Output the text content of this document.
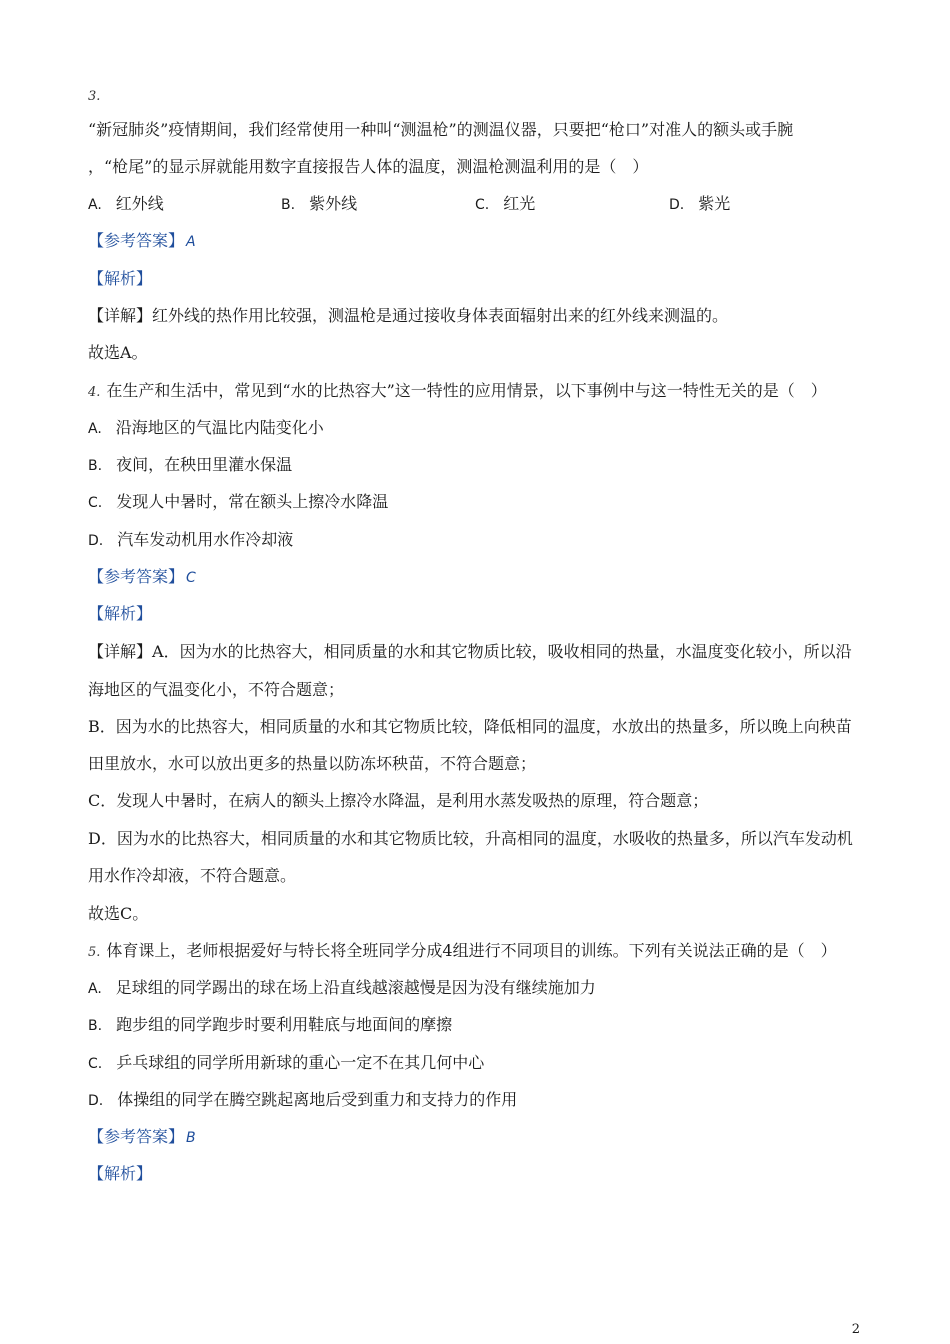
3.
“新冠肺炎”疫情期间，我们经常使用一种叫“测温枪”的测温仪器，只要把“枪口”对准人的额头或手腕
，“枪尾”的显示屏就能用数字直接报告人体的温度，测温枪测温利用的是（　）
A. 红外线	B. 紫外线	C. 红光	D. 紫光
【参考答案】 A
【解析】
【详解】红外线的热作用比较强，测温枪是通过接收身体表面辐射出来的红外线来测温的。
故选A。
4. 在生产和生活中，常见到“水的比热容大”这一特性的应用情景，以下事例中与这一特性无关的是（　）
A. 沿海地区的气温比内陆变化小
B. 夜间，在秧田里灌水保温
C. 发现人中暑时，常在额头上擦冷水降温
D. 汽车发动机用水作冷却液
【参考答案】 C
【解析】
【详解】A．因为水的比热容大，相同质量的水和其它物质比较，吸收相同的热量，水温度变化较小，所以沿
海地区的气温变化小，不符合题意；
B．因为水的比热容大，相同质量的水和其它物质比较，降低相同的温度，水放出的热量多，所以晚上向秧苗
田里放水，水可以放出更多的热量以防冻坏秧苗，不符合题意；
C．发现人中暑时，在病人的额头上擦冷水降温，是利用水蒸发吸热的原理，符合题意；
D．因为水的比热容大，相同质量的水和其它物质比较，升高相同的温度，水吸收的热量多，所以汽车发动机
用水作冷却液，不符合题意。
故选C。
5. 体育课上，老师根据爱好与特长将全班同学分成4组进行不同项目的训练。下列有关说法正确的是（　）
A. 足球组的同学踢出的球在场上沿直线越滚越慢是因为没有继续施加力
B. 跑步组的同学跑步时要利用鞋底与地面间的摩擦
C. 乒乓球组的同学所用新球的重心一定不在其几何中心
D. 体操组的同学在腾空跳起离地后受到重力和支持力的作用
【参考答案】 B
【解析】
2
